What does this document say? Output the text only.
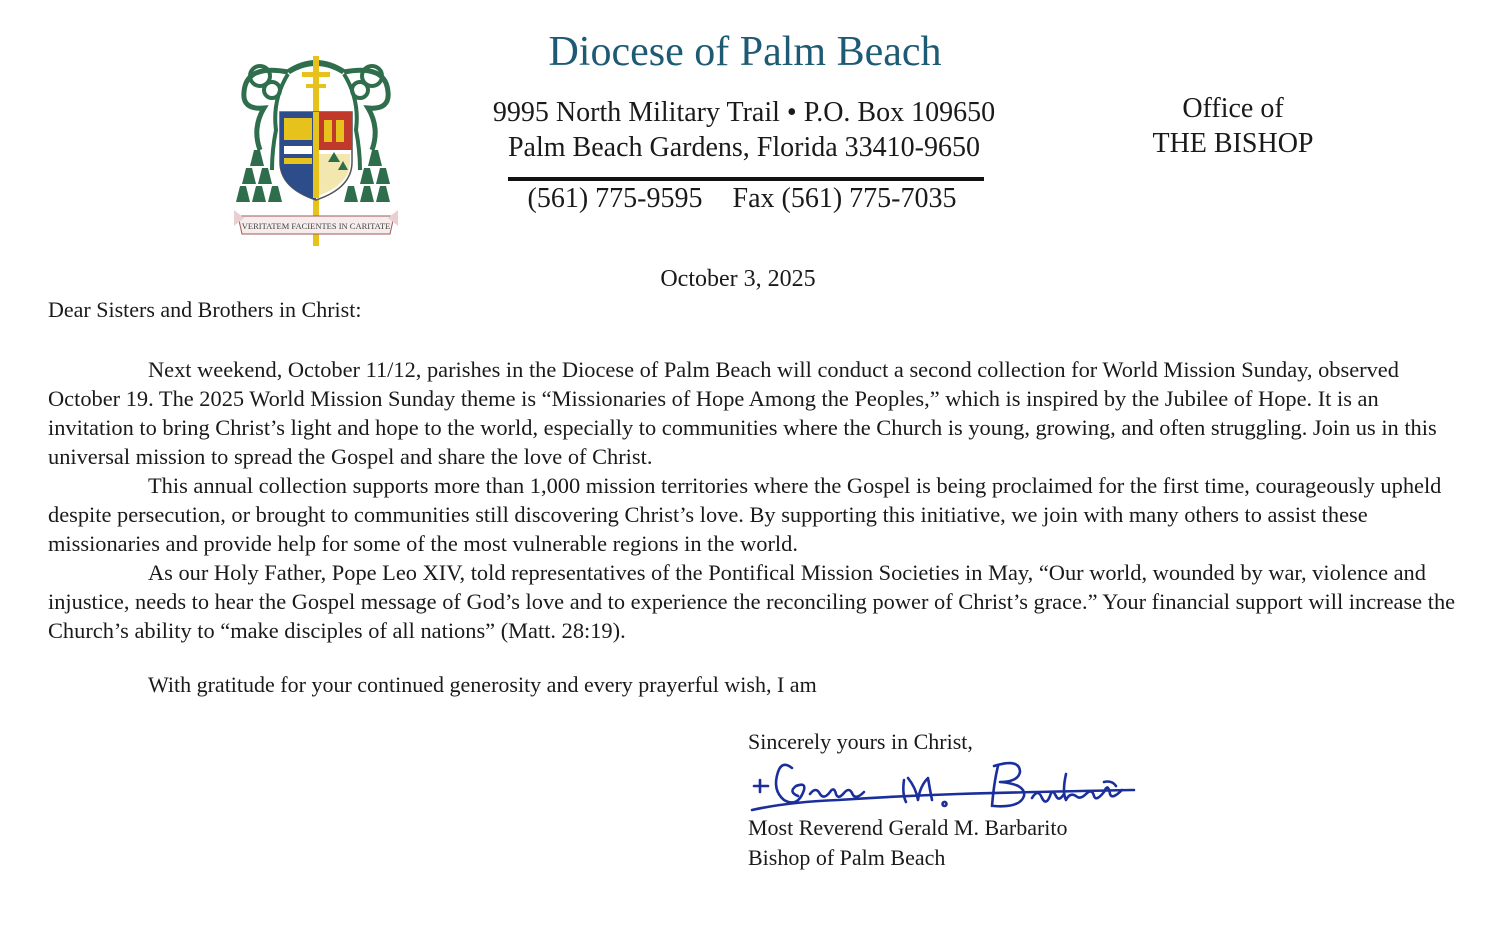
VERITATEM FACIENTES IN CARITATE
Diocese of Palm Beach
9995 North Military Trail • P.O. Box 109650
Palm Beach Gardens, Florida 33410-9650
(561) 775-9595 Fax (561) 775-7035
Office of
THE BISHOP
October 3, 2025
Dear Sisters and Brothers in Christ:

Next weekend, October 11/12, parishes in the Diocese of Palm Beach will conduct a second collection for World Mission Sunday, observed October 19. The 2025 World Mission Sunday theme is “Missionaries of Hope Among the Peoples,” which is inspired by the Jubilee of Hope. It is an invitation to bring Christ’s light and hope to the world, especially to communities where the Church is young, growing, and often struggling. Join us in this universal mission to spread the Gospel and share the love of Christ.

This annual collection supports more than 1,000 mission territories where the Gospel is being proclaimed for the first time, courageously upheld despite persecution, or brought to communities still discovering Christ’s love. By supporting this initiative, we join with many others to assist these missionaries and provide help for some of the most vulnerable regions in the world.

As our Holy Father, Pope Leo XIV, told representatives of the Pontifical Mission Societies in May, “Our world, wounded by war, violence and injustice, needs to hear the Gospel message of God’s love and to experience the reconciling power of Christ’s grace.” Your financial support will increase the Church’s ability to “make disciples of all nations” (Matt. 28:19).

With gratitude for your continued generosity and every prayerful wish, I am
Sincerely yours in Christ,
Most Reverend Gerald M. Barbarito
Bishop of Palm Beach
